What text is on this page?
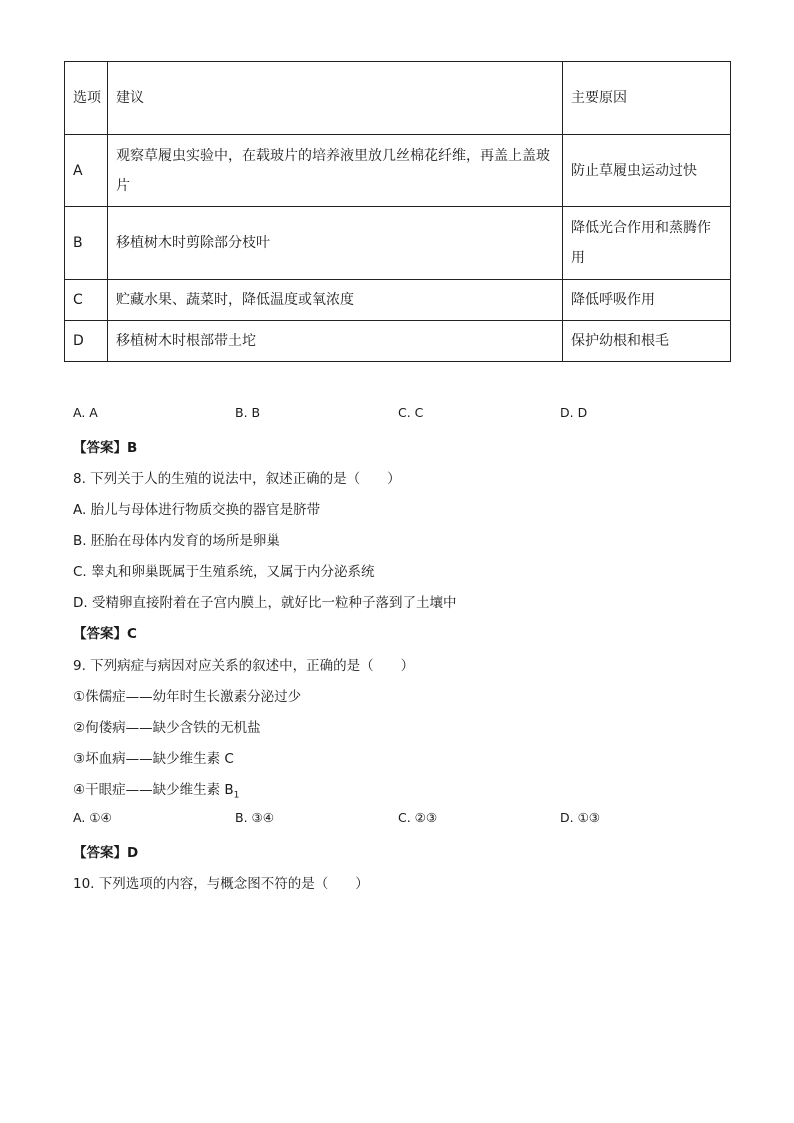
选项	建议	主要原因
A	观察草履虫实验中，在载玻片的培养液里放几丝棉花纤维，再盖上盖玻片	防止草履虫运动过快
B	移植树木时剪除部分枝叶	降低光合作用和蒸腾作用
C	贮藏水果、蔬菜时，降低温度或氧浓度	降低呼吸作用
D	移植树木时根部带土坨	保护幼根和根毛
A. A	B. B	C. C	D. D
【答案】B
8. 下列关于人的生殖的说法中，叙述正确的是（　　）
A. 胎儿与母体进行物质交换的器官是脐带
B. 胚胎在母体内发育的场所是卵巢
C. 睾丸和卵巢既属于生殖系统，又属于内分泌系统
D. 受精卵直接附着在子宫内膜上，就好比一粒种子落到了土壤中
【答案】C
9. 下列病症与病因对应关系的叙述中，正确的是（　　）
①侏儒症——幼年时生长激素分泌过少
②佝偻病——缺少含铁的无机盐
③坏血病——缺少维生素 C
④干眼症——缺少维生素 $B_1$
A. ①④	B. ③④	C. ②③	D. ①③
【答案】D
10. 下列选项的内容，与概念图不符的是（　　）
